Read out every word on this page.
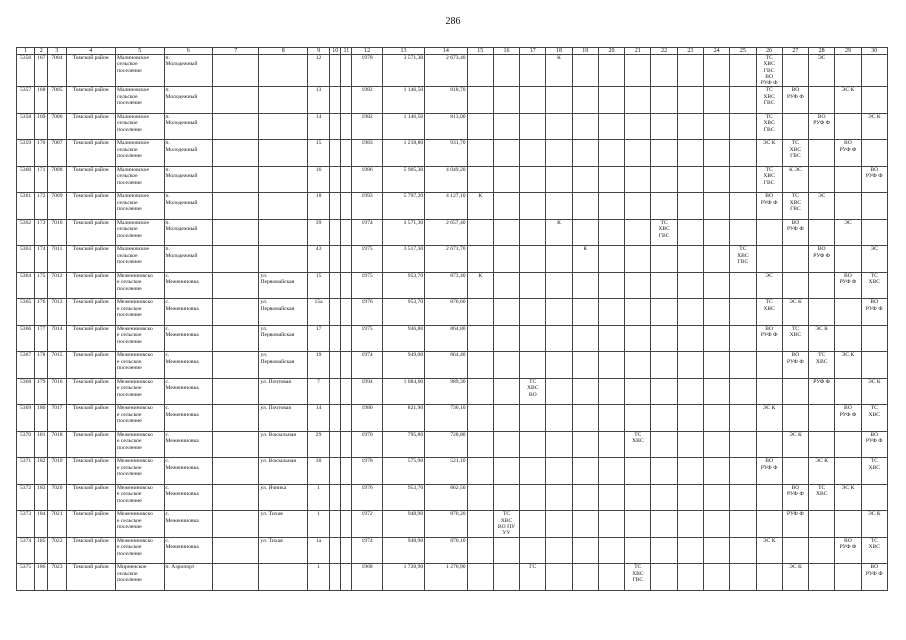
286
1	2	3	4	5	6	7	8	9	10	11	12	13	14	15	16	17	18	19	20	21	22	23	24	25	26	27	28	29	30
5356	167	7004	Томский район	Малиновское
сельское
поселение	п.
Молодежный			12			1978	3 571,30	2 673,40				К								ТС
ХВС
ГВС
ВО
РУФ Ф		ЭС		
5357	168	7005	Томский район	Малиновское
сельское
поселение	п.
Молодежный			13			1982	1 146,50	818,70												ТС
ХВС
ГВС	ВО
РУФ Ф		ЭС К	
5358	169	7006	Томский район	Малиновское
сельское
поселение	п.
Молодежный			14			1982	1 146,50	813,00												ТС
ХВС
ГВС		ВО
РУФ Ф		ЭС К
5359	170	7007	Томский район	Малиновское
сельское
поселение	п.
Молодежный			15			1983	1 218,80	931,70												ЭС К	ТС
ХВС
ГВС		ВО
РУФ Ф	
5360	171	7008	Томский район	Малиновское
сельское
поселение	п.
Молодежный			16			1986	5 905,30	4 049,20												ТС
ХВС
ГВС	К ЭС			ВО
РУФ Ф
5361	172	7009	Томский район	Малиновское
сельское
поселение	п.
Молодежный			18			1993	5 797,20	4 127,10	К											ВО
РУФ Ф	ТС
ХВС
ГВС	ЭС		
5362	173	7010	Томский район	Малиновское
сельское
поселение	п.
Молодежный			39			1974	3 571,30	2 657,40				К				ТС
ХВС
ГВС					ВО
РУФ Ф		ЭС	
5363	174	7011	Томский район	Малиновское
сельское
поселение	п.
Молодежный			43			1975	3 517,30	2 671,70					К						ТС
ХВС
ГВС			ВО
РУФ Ф		ЭС
5364	175	7012	Томский район	Межениновско
е сельское
поселение	с.
Межениновка		ул.
Первомайская	15			1975	953,70	873,40	К											ЭС			ВО
РУФ Ф	ТС
ХВС
5365	176	7013	Томский район	Межениновско
е сельское
поселение	с.
Межениновка		ул.
Первомайская	15а			1976	953,70	870,60												ТС
ХВС	ЭС К			ВО
РУФ Ф
5366	177	7014	Томский район	Межениновско
е сельское
поселение	с.
Межениновка		ул.
Первомайская	17			1975	946,80	864,80												ВО
РУФ Ф	ТС
ХВС	ЭС К		
5367	178	7015	Томский район	Межениновско
е сельское
поселение	с.
Межениновка		ул.
Первомайская	19			1974	949,00	864,40													ВО
РУФ Ф	ТС
ХВС	ЭС К	
5368	179	7016	Томский район	Межениновско
е сельское
поселение	с.
Межениновка		ул. Почтовая	7			1994	1 084,00	989,30			ТС
ХВС
ВО											РУФ Ф		ЭС К
5369	180	7017	Томский район	Межениновско
е сельское
поселение	с.
Межениновка		ул. Почтовая	14			1980	821,90	736,10												ЭС К			ВО
РУФ Ф	ТС
ХВС
5370	181	7018	Томский район	Межениновско
е сельское
поселение	с.
Межениновка		ул. Вокзальная	29			1970	795,80	728,80							ТС
ХВС						ЭС К			ВО
РУФ Ф
5371	182	7019	Томский район	Межениновско
е сельское
поселение	с.
Межениновка		ул. Вокзальная	30			1978	575,90	521,10												ВО
РУФ Ф		ЭС К		ТС
ХВС
5372	183	7020	Томский район	Межениновско
е сельское
поселение	с.
Межениновка		ул. Ячника	1			1976	953,70	862,50													ВО
РУФ Ф	ТС
ХВС	ЭС К	
5373	184	7021	Томский район	Межениновско
е сельское
поселение	с.
Межениновка		ул. Тихая	1			1972	948,90	870,20		ТС
ХВС
ВО ПУ
УУ											РУФ Ф			ЭС К
5374	185	7022	Томский район	Межениновско
е сельское
поселение	с.
Межениновка		ул. Тихая	1а			1974	948,90	870,10												ЭС К			ВО
РУФ Ф	ТС
ХВС
5375	186	7023	Томский район	Мирненское
сельское
поселение	п. Аэропорт			1			1968	1 728,90	1 276,90			ГС				ТС
ХВС
ГВС						ЭС К			ВО
РУФ Ф
